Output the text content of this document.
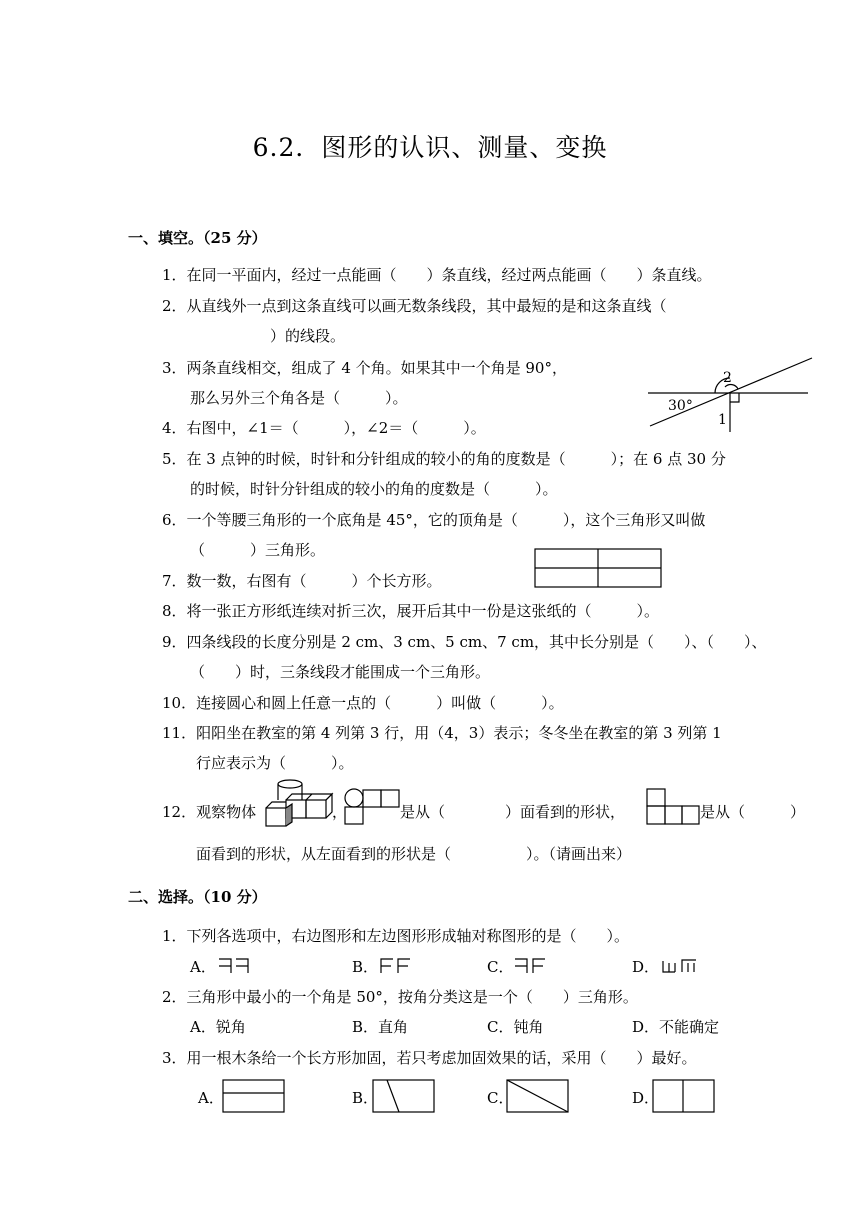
6.2．图形的认识、测量、变换
一、填空。（25 分）
1．在同一平面内，经过一点能画（　　）条直线，经过两点能画（　　）条直线。
2．从直线外一点到这条直线可以画无数条线段，其中最短的是和这条直线（
）的线段。
3．两条直线相交，组成了 4 个角。如果其中一个角是 90°，
那么另外三个角各是（　　　）。
4．右图中，∠1＝（　　　），∠2＝（　　　）。
5．在 3 点钟的时候，时针和分针组成的较小的角的度数是（　　　）；在 6 点 30 分
的时候，时针分针组成的较小的角的度数是（　　　）。
6．一个等腰三角形的一个底角是 45°，它的顶角是（　　　），这个三角形又叫做
（　　　）三角形。
7．数一数，右图有（　　　）个长方形。
8．将一张正方形纸连续对折三次，展开后其中一份是这张纸的（　　　）。
9．四条线段的长度分别是 2 cm、3 cm、5 cm、7 cm，其中长分别是（　　）、（　　）、
（　　）时，三条线段才能围成一个三角形。
10．连接圆心和圆上任意一点的（　　　）叫做（　　　）。
11．阳阳坐在教室的第 4 列第 3 行，用（4，3）表示；冬冬坐在教室的第 3 列第 1
行应表示为（　　　）。
12．观察物体	，	是从（　　　　）面看到的形状，	是从（　　　）
面看到的形状，从左面看到的形状是（　　　　　）。（请画出来）
30°
1
2
二、选择。（10 分）
1．下列各选项中，右边图形和左边图形形成轴对称图形的是（　　）。
A．	B．	C．	D．
2．三角形中最小的一个角是 50°，按角分类这是一个（　　）三角形。
A．锐角	B．直角	C．钝角	D．不能确定
3．用一根木条给一个长方形加固，若只考虑加固效果的话，采用（　　）最好。
A．	B．	C．	D．
